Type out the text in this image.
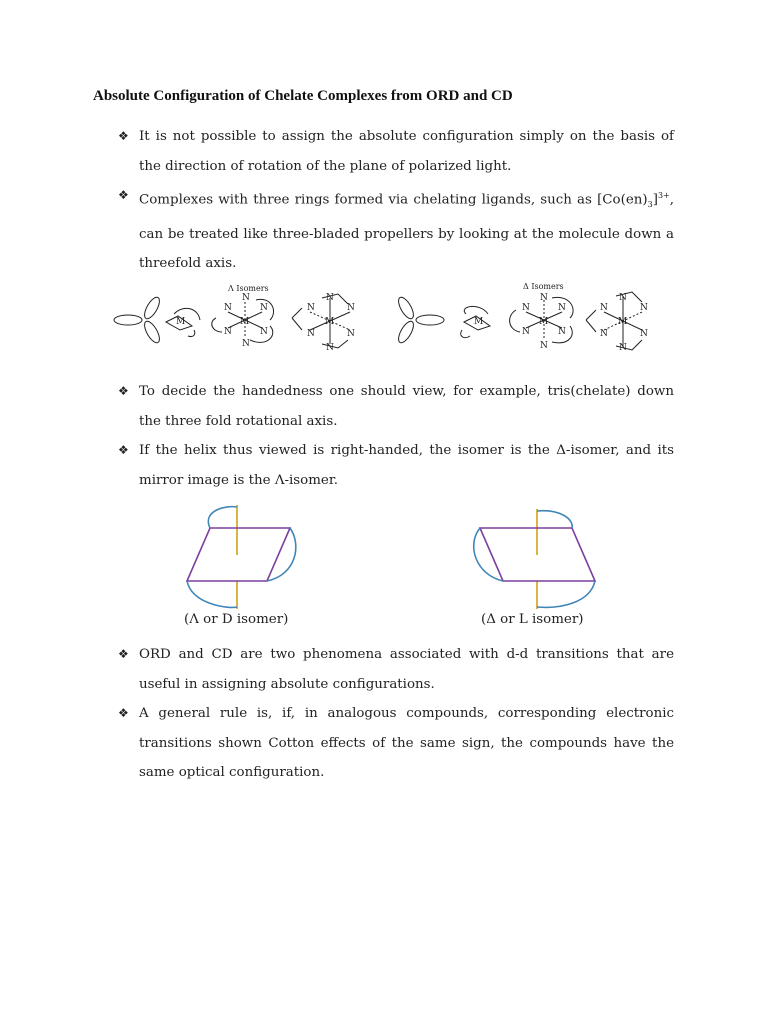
Absolute Configuration of Chelate Complexes from ORD and CD
❖ It is not possible to assign the absolute configuration simply on the basis of the direction of rotation of the plane of polarized light.
❖ Complexes with three rings formed via chelating ligands, such as $[Co(en)_3]^{3+}$,
can be treated like three-bladed propellers by looking at the molecule down a threefold axis.
Λ Isomers	Δ Isomers
M	M
N	N
N	N
N
N
M
N	N
N	N
N
N
M	M
N	N
N	N
N
N
M
N	N
N	N
N
N
❖ To decide the handedness one should view, for example, tris(chelate) down the three fold rotational axis.
❖ If the helix thus viewed is right-handed, the isomer is the Δ-isomer, and its mirror image is the Λ-isomer.
(Λ or D isomer)	(Δ or L isomer)
❖ ORD and CD are two phenomena associated with d-d transitions that are useful in assigning absolute configurations.
❖ A general rule is, if, in analogous compounds, corresponding electronic transitions shown Cotton effects of the same sign, the compounds have the same optical configuration.
